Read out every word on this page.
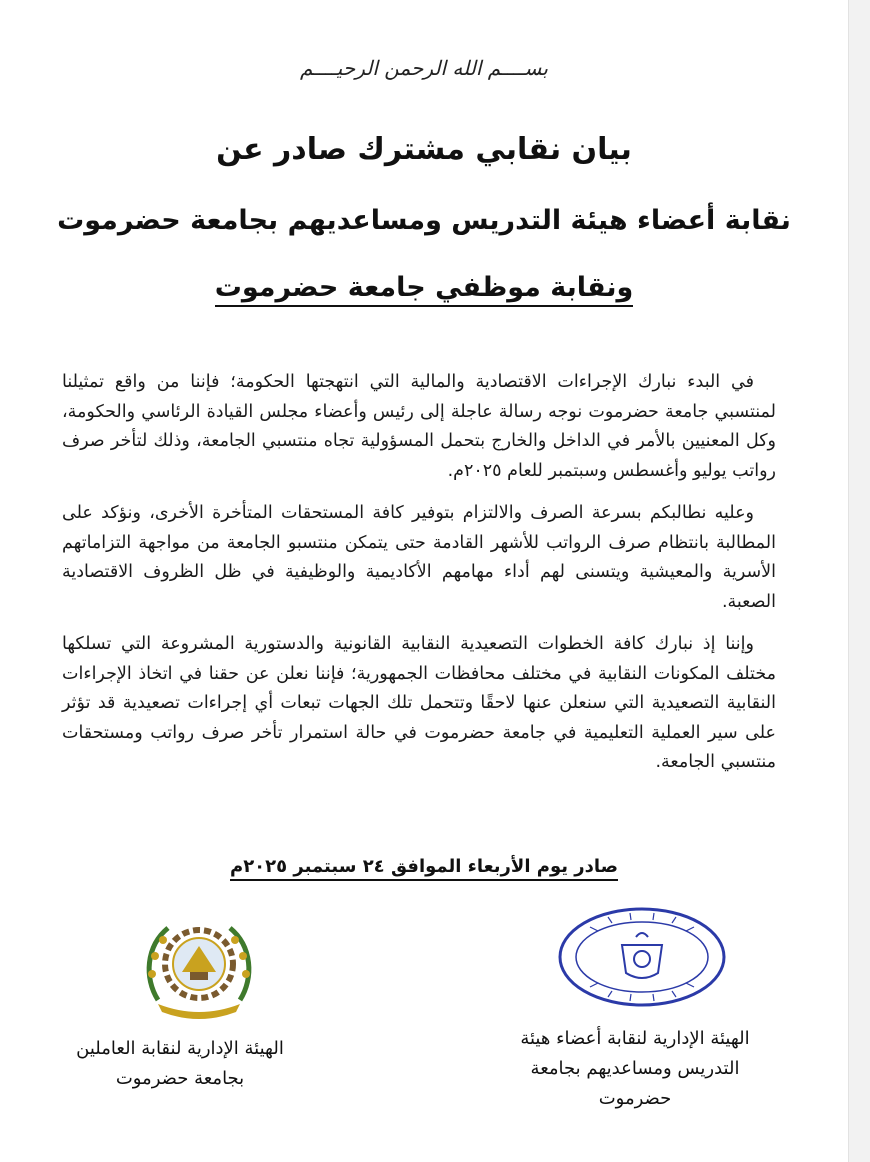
بســــم الله الرحمن الرحيــــم
بيان نقابي مشترك صادر عن
نقابة أعضاء هيئة التدريس ومساعديهم بجامعة حضرموت
ونقابة موظفي جامعة حضرموت

في البدء نبارك الإجراءات الاقتصادية والمالية التي انتهجتها الحكومة؛ فإننا من واقع تمثيلنا لمنتسبي جامعة حضرموت نوجه رسالة عاجلة إلى رئيس وأعضاء مجلس القيادة الرئاسي والحكومة، وكل المعنيين بالأمر في الداخل والخارج بتحمل المسؤولية تجاه منتسبي الجامعة، وذلك لتأخر صرف رواتب يوليو وأغسطس وسبتمبر للعام ٢٠٢٥م.

وعليه نطالبكم بسرعة الصرف والالتزام بتوفير كافة المستحقات المتأخرة الأخرى، ونؤكد على المطالبة بانتظام صرف الرواتب للأشهر القادمة حتى يتمكن منتسبو الجامعة من مواجهة التزاماتهم الأسرية والمعيشية ويتسنى لهم أداء مهامهم الأكاديمية والوظيفية في ظل الظروف الاقتصادية الصعبة.

وإننا إذ نبارك كافة الخطوات التصعيدية النقابية القانونية والدستورية المشروعة التي تسلكها مختلف المكونات النقابية في مختلف محافظات الجمهورية؛ فإننا نعلن عن حقنا في اتخاذ الإجراءات النقابية التصعيدية التي سنعلن عنها لاحقًا وتتحمل تلك الجهات تبعات أي إجراءات تصعيدية قد تؤثر على سير العملية التعليمية في جامعة حضرموت في حالة استمرار تأخر صرف رواتب ومستحقات منتسبي الجامعة.

صادر يوم الأربعاء الموافق ٢٤ سبتمبر ٢٠٢٥م
الهيئة الإدارية لنقابة العاملين
بجامعة حضرموت
الهيئة الإدارية لنقابة أعضاء هيئة
التدريس ومساعديهم بجامعة
حضرموت
